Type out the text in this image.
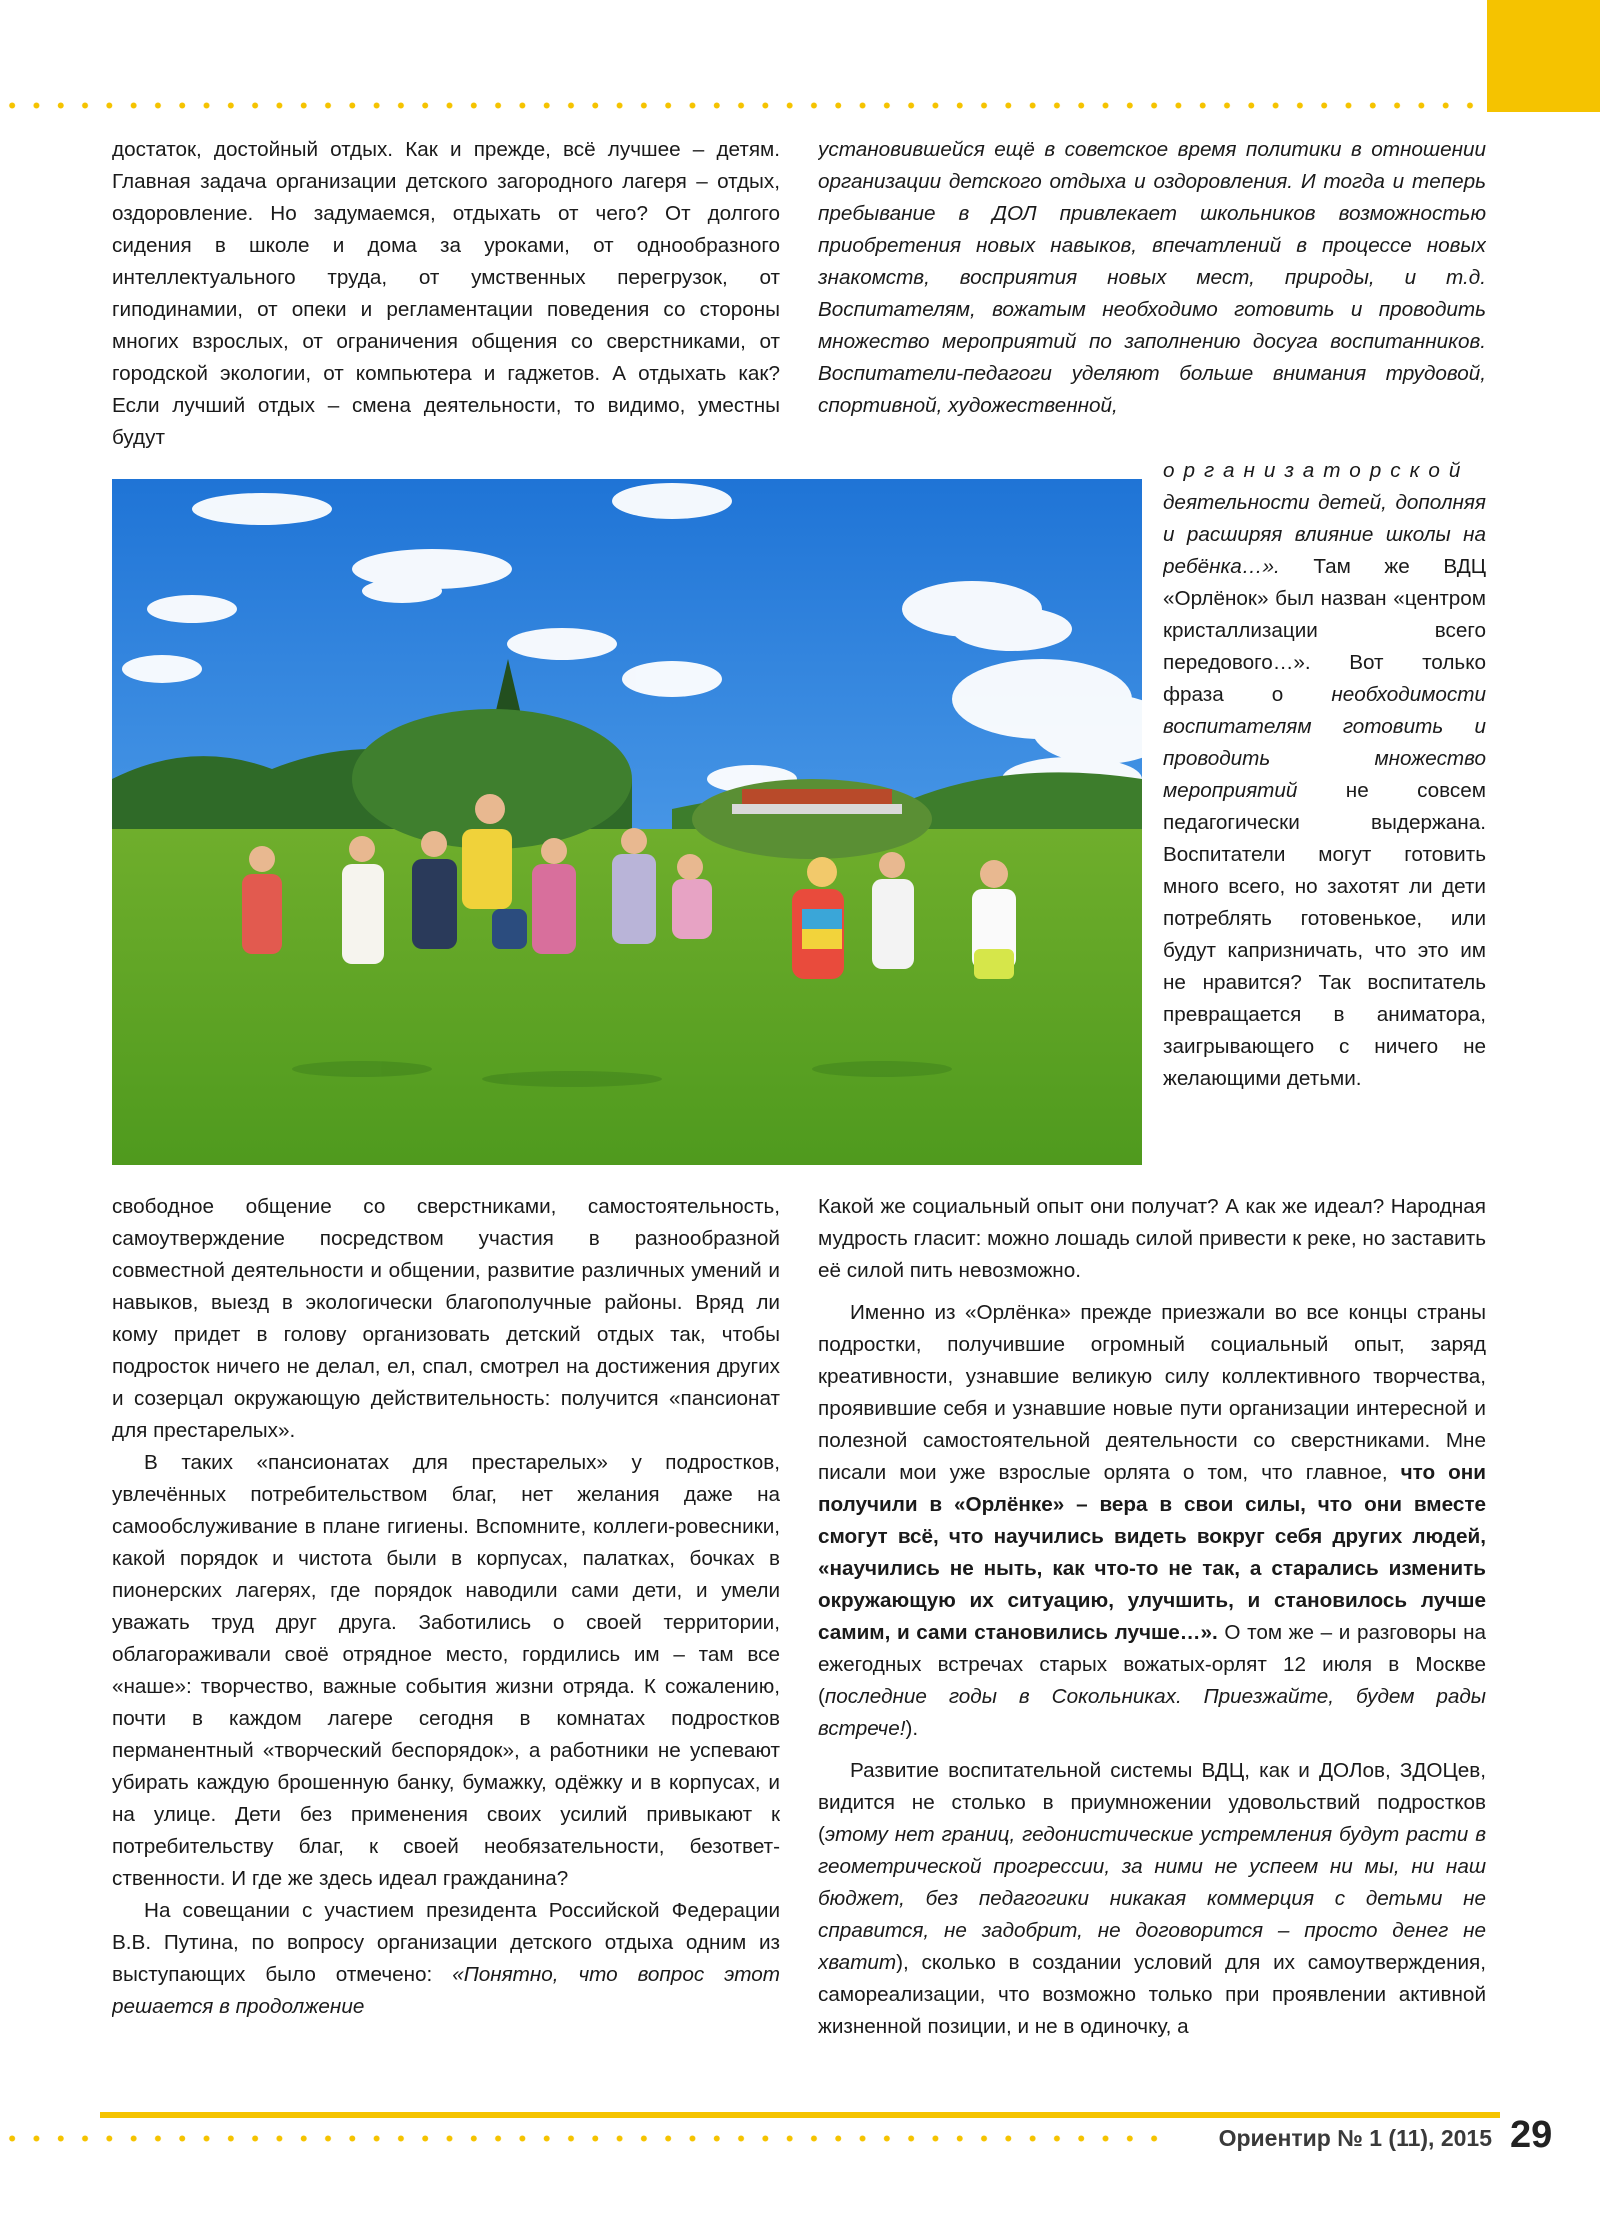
достаток, достойный отдых. Как и прежде, всё лучшее – детям. Главная задача организации детского загородного лагеря – отдых, оздоровление. Но задумаемся, отдыхать от чего? От долгого сидения в школе и дома за уроками, от однообразного интеллектуального труда, от умственных перегрузок, от гиподинамии, от опеки и регламентации поведения со стороны многих взрослых, от ограничения общения со сверстниками, от городской экологии, от компьютера и гаджетов. А отдыхать как? Если лучший отдых – смена деятельности, то видимо, уместны будут

установившейся ещё в советское время политики в отношении организации детского отдыха и оздоровления. И тогда и теперь пребывание в ДОЛ привлекает школьников возможностью приобретения новых навыков, впечатлений в процессе новых знакомств, восприятия новых мест, природы, и т.д. Воспитателям, вожатым необходимо готовить и проводить множество мероприятий по заполнению досуга воспитанников. Воспитатели-педагоги уделяют больше внимания трудовой, спортивной, художественной,

организаторской деятельности детей, дополняя и расширяя влияние школы на ребёнка…». Там же ВДЦ «Орлёнок» был назван «центром кристаллизации всего передового…». Вот только фраза о необходимости воспитателям готовить и проводить множество мероприятий не совсем педагогически выдержана. Воспитатели могут готовить много всего, но захотят ли дети потреблять готовенькое, или будут капризничать, что это им не нравится? Так воспитатель превращается в аниматора, заигрывающего с ничего не желающими детьми.

свободное общение со сверстниками, самостоятельность, самоутверждение посредством участия в разнообразной совместной деятельности и общении, развитие различных умений и навыков, выезд в экологически благополучные районы. Вряд ли кому придет в голову организовать детский отдых так, чтобы подросток ничего не делал, ел, спал, смотрел на достижения других и созерцал окружающую действительность: получится «пансионат для престарелых».

В таких «пансионатах для престарелых» у подростков, увлечённых потребительством благ, нет желания даже на самообслуживание в плане гигиены. Вспомните, коллеги-ровесники, какой порядок и чистота были в корпусах, палатках, бочках в пионерских лагерях, где порядок наводили сами дети, и умели уважать труд друг друга. Заботились о своей территории, облагораживали своё отрядное место, гордились им – там все «наше»: творчество, важные события жизни отряда. К сожалению, почти в каждом лагере сегодня в комнатах подростков перманентный «творческий беспорядок», а работники не успевают убирать каждую брошенную банку, бумажку, одёжку и в корпусах, и на улице. Дети без применения своих усилий привыкают к потребительству благ, к своей необязательности, безответственности. И где же здесь идеал гражданина?

На совещании с участием президента Российской Федерации В.В. Путина, по вопросу организации детского отдыха одним из выступающих было отмечено: «Понятно, что вопрос этот решается в продолжение

Какой же социальный опыт они получат? А как же идеал? Народная мудрость гласит: можно лошадь силой привести к реке, но заставить её силой пить невозможно.

Именно из «Орлёнка» прежде приезжали во все концы страны подростки, получившие огромный социальный опыт, заряд креативности, узнавшие великую силу коллективного творчества, проявившие себя и узнавшие новые пути организации интересной и полезной самостоятельной деятельности со сверстниками. Мне писали мои уже взрослые орлята о том, что главное, что они получили в «Орлёнке» – вера в свои силы, что они вместе смогут всё, что научились видеть вокруг себя других людей, «научились не ныть, как что-то не так, а старались изменить окружающую их ситуацию, улучшить, и становилось лучше самим, и сами становились лучше…». О том же – и разговоры на ежегодных встречах старых вожатых-орлят 12 июля в Москве (последние годы в Сокольниках. Приезжайте, будем рады встрече!).

Развитие воспитательной системы ВДЦ, как и ДОЛов, ЗДОЦев, видится не столько в приумножении удовольствий подростков (этому нет границ, гедонистические устремления будут расти в геометрической прогрессии, за ними не успеем ни мы, ни наш бюджет, без педагогики никакая коммерция с детьми не справится, не задобрит, не договорится – просто денег не хватит), сколько в создании условий для их самоутверждения, самореализации, что возможно только при проявлении активной жизненной позиции, и не в одиночку, а

Ориентир № 1 (11), 2015 29
